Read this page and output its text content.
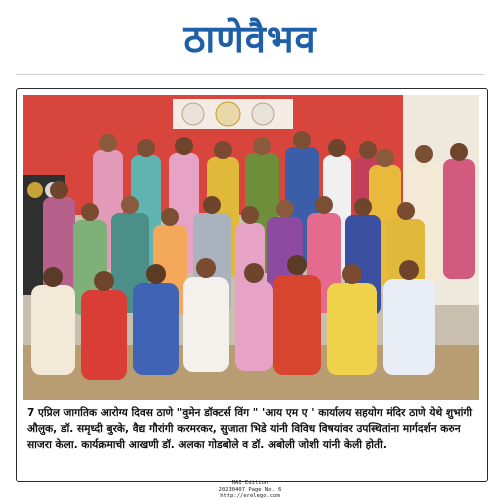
ठाणेवैभव
7 एप्रिल जागतिक आरोग्य दिवस ठाणे "वुमेन डॉक्टर्स विंग " 'आय एम ए ' कार्यालय सहयोग मंदिर ठाणे येथे शुभांगी औलुक, डॉ. समृध्दी बुरके, वैद्य गौरांगी करमरकर, सुजाता भिडे यांनी विविध विषयांवर उपस्थितांना मार्गदर्शन करुन साजरा केला. कार्यक्रमाची आखणी डॉ. अलका गोडबोले व डॉ. अबोली जोशी यांनी केली होती.
MAI Edition
20230407 Page No. 6
http://erelego.com
